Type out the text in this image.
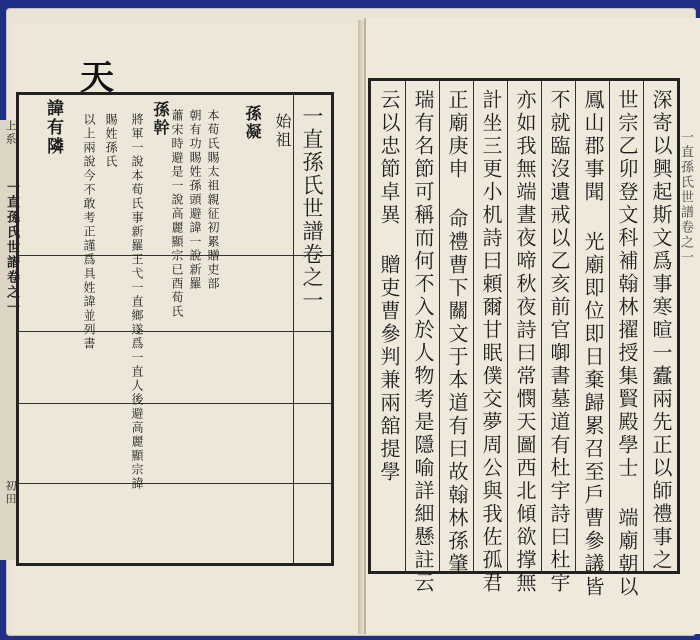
天
上系
一直孫氏世譜卷之一
初田
一直孫氏世譜卷之一
始祖
孫凝
本荀氏賜太祖親征初累贈吏部
朝有功賜姓孫頭避諱一說新羅
蕭宋時避是一說高麗顯宗已酉荀氏
孫幹
將軍一說本荀氏事新羅王弋一直鄉遂爲一直人後避高麗顯宗諱
賜姓孫氏
以上兩說今不敢考正謹爲具姓諱並列書
諱有隣	深寄以興起斯文爲事寒暄一蠹兩先正以師禮事之
世宗乙卯登文科補翰林擢授集賢殿學士 端廟朝以
鳳山郡事聞 光廟即位即日棄歸累召至戶曹參議皆
不就臨沒遺戒以乙亥前官啣書墓道有杜宇詩曰杜宇
亦如我無端晝夜啼秋夜詩曰常憫天圖西北傾欲撑無
計坐三更小机詩曰頼爾甘眠僕交夢周公與我佐孤君
正廟庚申 命禮曹下關文于本道有曰故翰林孫肇
瑞有名節可稱而何不入於人物考是隱喻詳細懸註云
云以忠節卓異 贈吏曹參判兼兩舘提學	一直孫氏世譜卷之一
